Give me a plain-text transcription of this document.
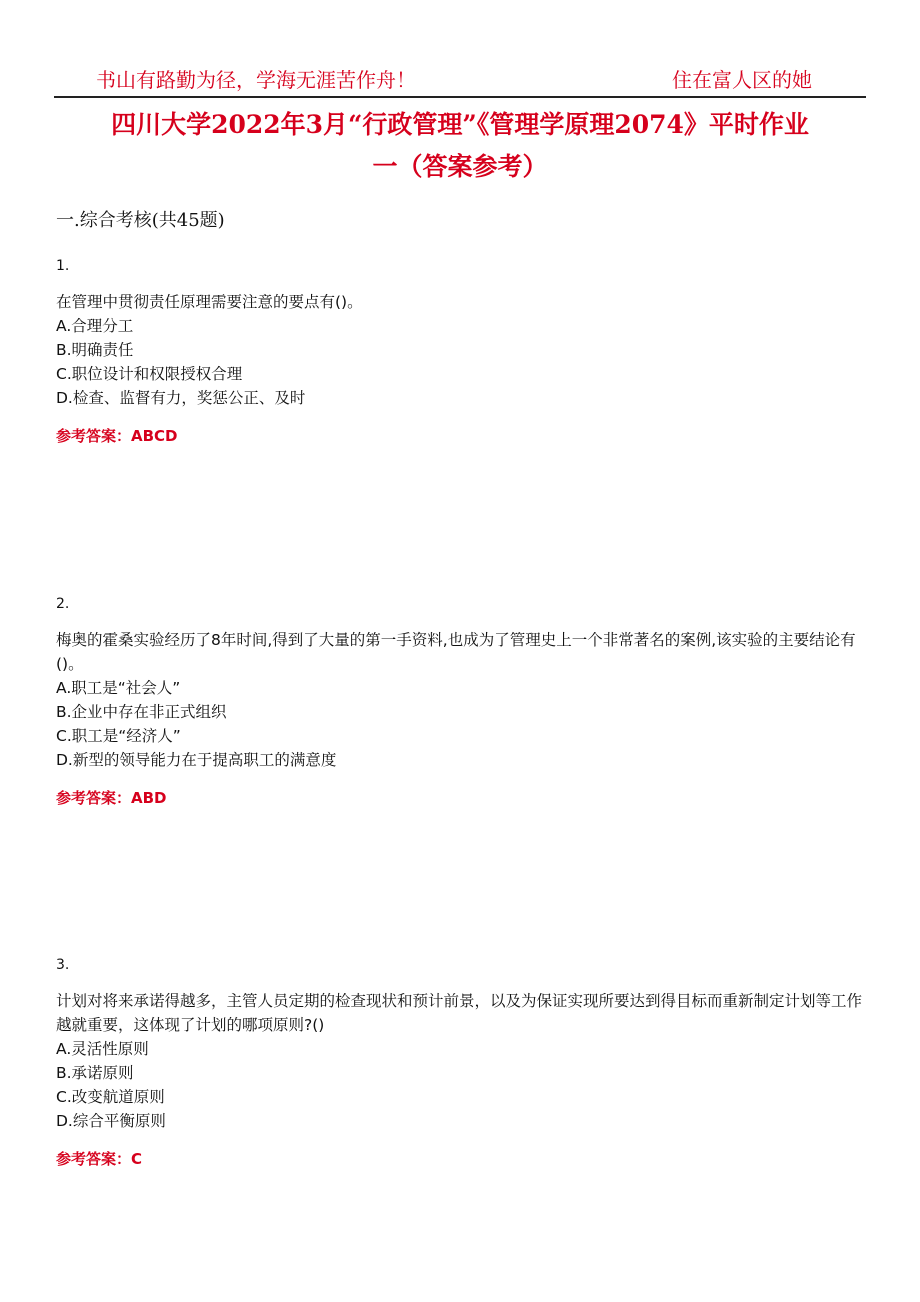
书山有路勤为径，学海无涯苦作舟！	住在富人区的她
四川大学2022年3月“行政管理”《管理学原理2074》平时作业
一（答案参考）
一.综合考核(共45题)
1.
在管理中贯彻责任原理需要注意的要点有()。
A.合理分工
B.明确责任
C.职位设计和权限授权合理
D.检查、监督有力，奖惩公正、及时
参考答案：ABCD
2.
梅奥的霍桑实验经历了8年时间,得到了大量的第一手资料,也成为了管理史上一个非常著名的案例,该实验的主要结论有()。
A.职工是“社会人”
B.企业中存在非正式组织
C.职工是“经济人”
D.新型的领导能力在于提高职工的满意度
参考答案：ABD
3.
计划对将来承诺得越多，主管人员定期的检查现状和预计前景，以及为保证实现所要达到得目标而重新制定计划等工作越就重要，这体现了计划的哪项原则?()
A.灵活性原则
B.承诺原则
C.改变航道原则
D.综合平衡原则
参考答案：C
